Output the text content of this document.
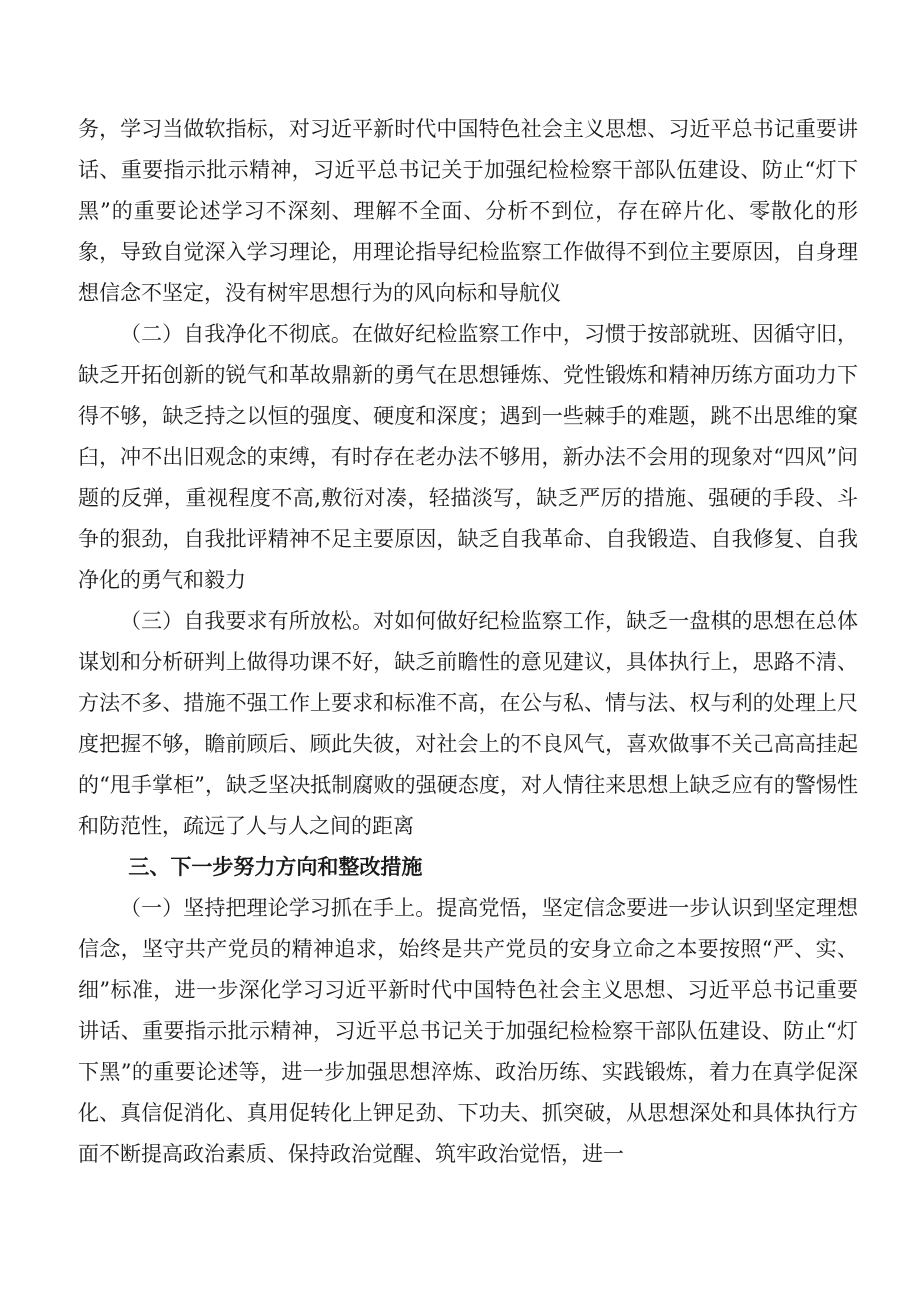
务，学习当做软指标，对习近平新时代中国特色社会主义思想、习近平总书记重要讲话、重要指示批示精神，习近平总书记关于加强纪检检察干部队伍建设、防止“灯下黑”的重要论述学习不深刻、理解不全面、分析不到位，存在碎片化、零散化的形象，导致自觉深入学习理论，用理论指导纪检监察工作做得不到位主要原因，自身理想信念不坚定，没有树牢思想行为的风向标和导航仪

（二）自我净化不彻底。在做好纪检监察工作中，习惯于按部就班、因循守旧，缺乏开拓创新的锐气和革故鼎新的勇气在思想锤炼、党性锻炼和精神历练方面功力下得不够，缺乏持之以恒的强度、硬度和深度；遇到一些棘手的难题，跳不出思维的窠臼，冲不出旧观念的束缚，有时存在老办法不够用，新办法不会用的现象对“四风”问题的反弹，重视程度不高,敷衍对凑，轻描淡写，缺乏严厉的措施、强硬的手段、斗争的狠劲，自我批评精神不足主要原因，缺乏自我革命、自我锻造、自我修复、自我净化的勇气和毅力

（三）自我要求有所放松。对如何做好纪检监察工作，缺乏一盘棋的思想在总体谋划和分析研判上做得功课不好，缺乏前瞻性的意见建议，具体执行上，思路不清、方法不多、措施不强工作上要求和标准不高，在公与私、情与法、权与利的处理上尺度把握不够，瞻前顾后、顾此失彼，对社会上的不良风气，喜欢做事不关己高高挂起的“甩手掌柜”，缺乏坚决抵制腐败的强硬态度，对人情往来思想上缺乏应有的警惕性和防范性，疏远了人与人之间的距离

三、下一步努力方向和整改措施

（一）坚持把理论学习抓在手上。提高党悟，坚定信念要进一步认识到坚定理想信念，坚守共产党员的精神追求，始终是共产党员的安身立命之本要按照“严、实、细”标准，进一步深化学习习近平新时代中国特色社会主义思想、习近平总书记重要讲话、重要指示批示精神，习近平总书记关于加强纪检检察干部队伍建设、防止“灯下黑”的重要论述等，进一步加强思想淬炼、政治历练、实践锻炼，着力在真学促深化、真信促消化、真用促转化上钾足劲、下功夫、抓突破，从思想深处和具体执行方面不断提高政治素质、保持政治觉醒、筑牢政治觉悟，进一
